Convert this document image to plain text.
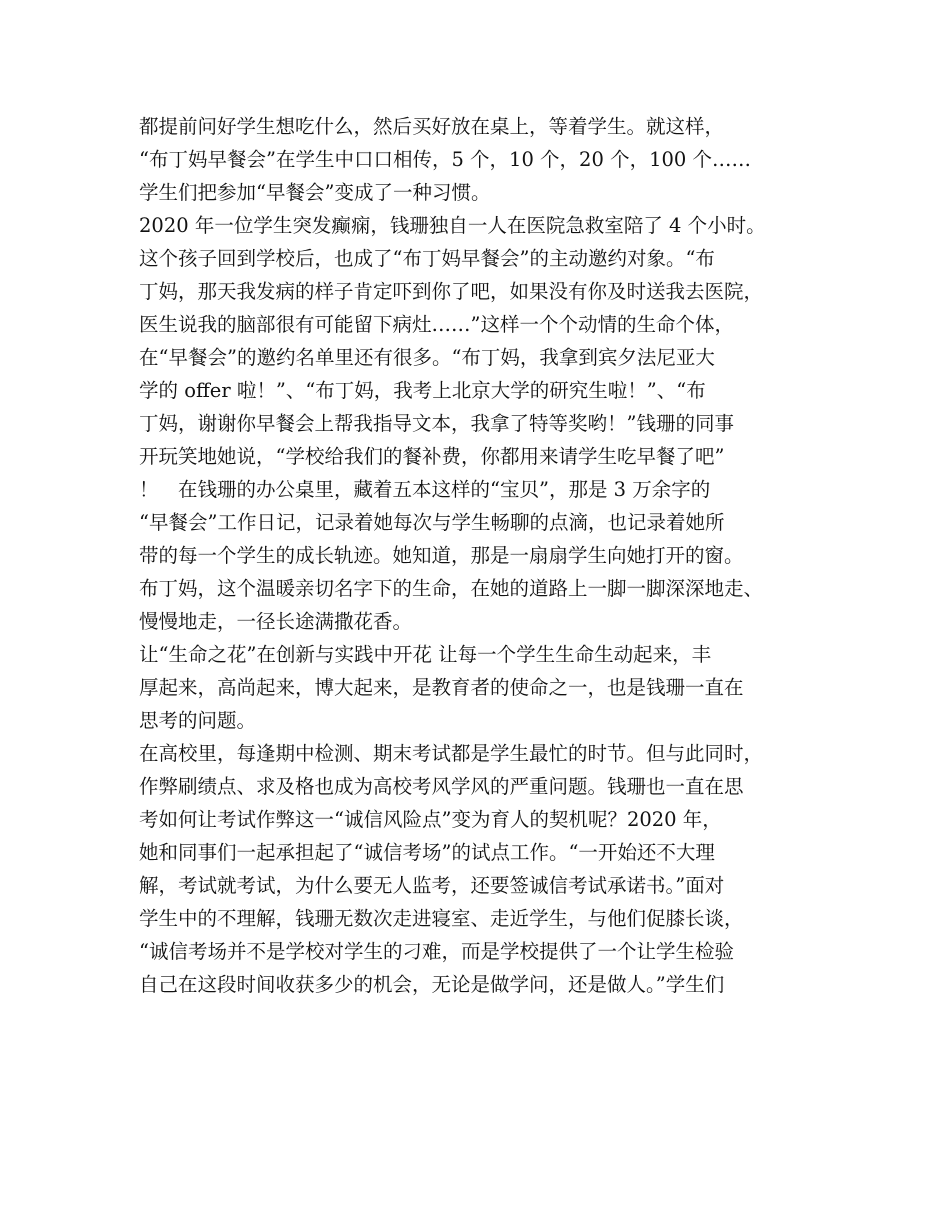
都提前问好学生想吃什么，然后买好放在桌上，等着学生。就这样，
“布丁妈早餐会”在学生中口口相传，5 个，10 个，20 个，100 个……
学生们把参加“早餐会”变成了一种习惯。
2020 年一位学生突发癫痫，钱珊独自一人在医院急救室陪了 4 个小时。
这个孩子回到学校后，也成了“布丁妈早餐会”的主动邀约对象。“布
丁妈，那天我发病的样子肯定吓到你了吧，如果没有你及时送我去医院，
医生说我的脑部很有可能留下病灶……”这样一个个动情的生命个体，
在“早餐会”的邀约名单里还有很多。“布丁妈，我拿到宾夕法尼亚大
学的 offer 啦！”、“布丁妈，我考上北京大学的研究生啦！”、“布
丁妈，谢谢你早餐会上帮我指导文本，我拿了特等奖哟！”钱珊的同事
开玩笑地她说，“学校给我们的餐补费，你都用来请学生吃早餐了吧”
！　在钱珊的办公桌里，藏着五本这样的“宝贝”，那是 3 万余字的
“早餐会”工作日记，记录着她每次与学生畅聊的点滴，也记录着她所
带的每一个学生的成长轨迹。她知道，那是一扇扇学生向她打开的窗。
布丁妈，这个温暖亲切名字下的生命，在她的道路上一脚一脚深深地走、
慢慢地走，一径长途满撒花香。
让“生命之花”在创新与实践中开花 让每一个学生生命生动起来，丰
厚起来，高尚起来，博大起来，是教育者的使命之一，也是钱珊一直在
思考的问题。
在高校里，每逢期中检测、期末考试都是学生最忙的时节。但与此同时，
作弊刷绩点、求及格也成为高校考风学风的严重问题。钱珊也一直在思
考如何让考试作弊这一“诚信风险点”变为育人的契机呢？2020 年，
她和同事们一起承担起了“诚信考场”的试点工作。“一开始还不大理
解，考试就考试，为什么要无人监考，还要签诚信考试承诺书。”面对
学生中的不理解，钱珊无数次走进寝室、走近学生，与他们促膝长谈，
“诚信考场并不是学校对学生的刁难，而是学校提供了一个让学生检验
自己在这段时间收获多少的机会，无论是做学问，还是做人。”学生们
